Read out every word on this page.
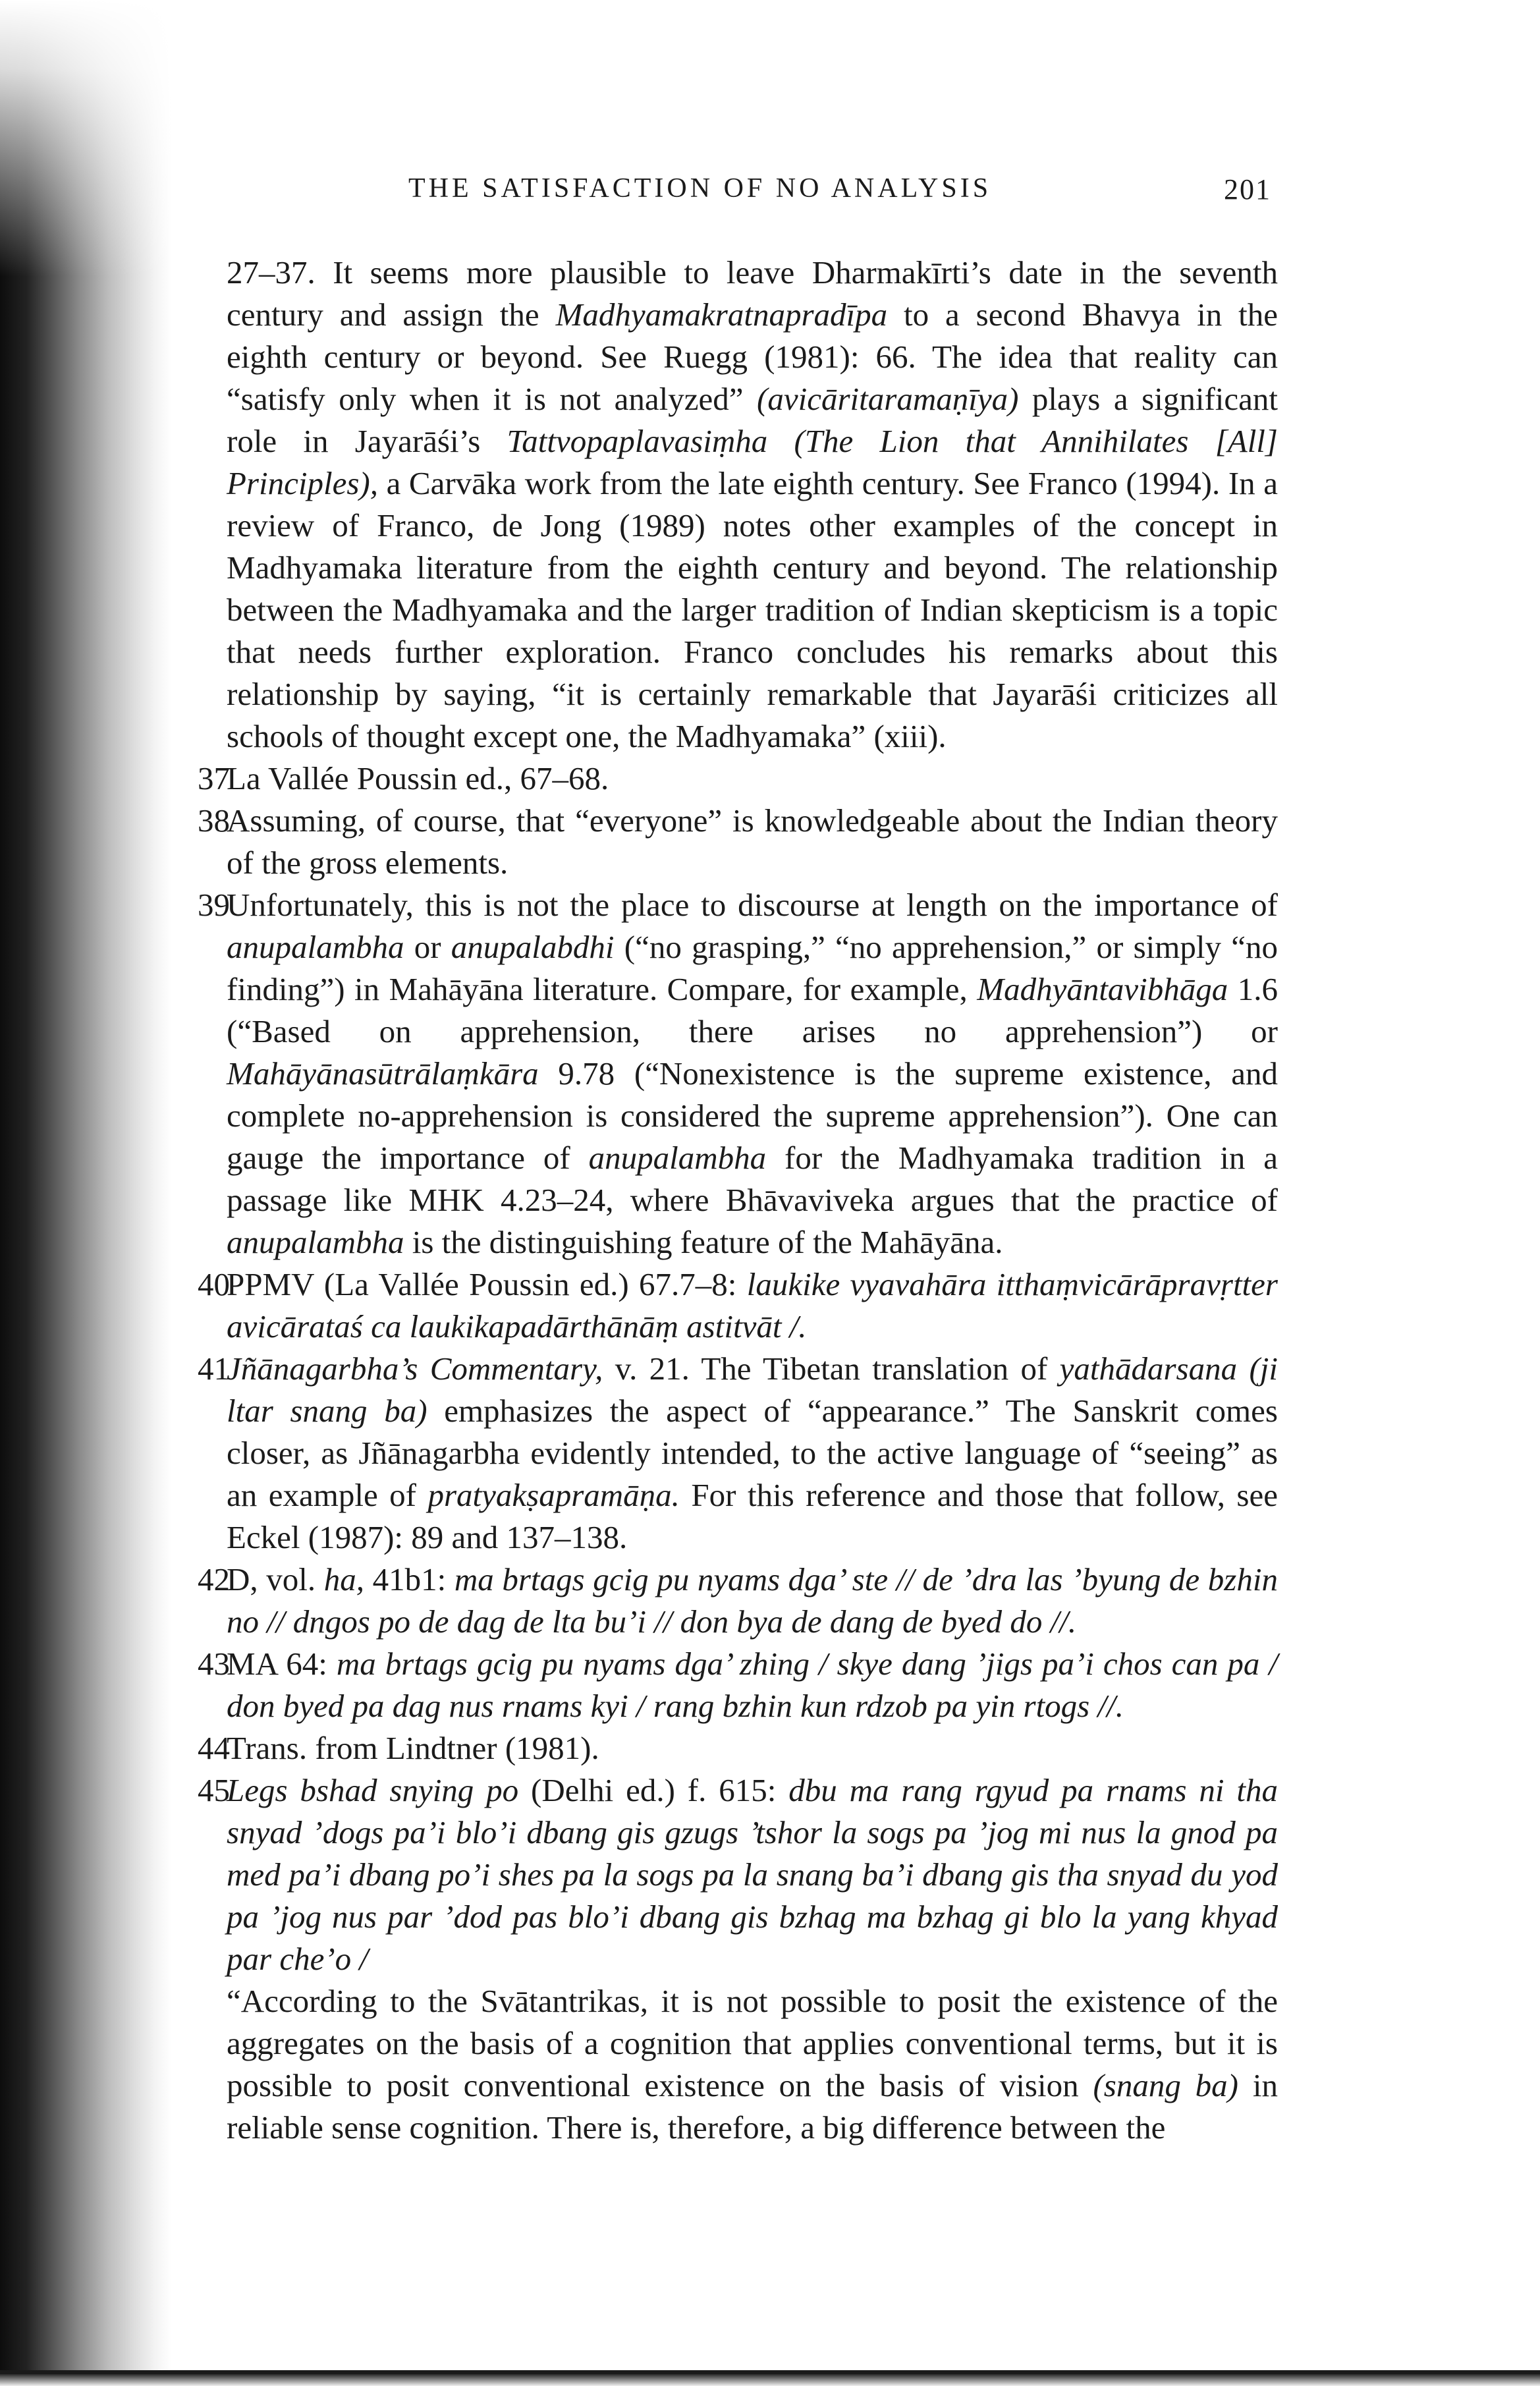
THE SATISFACTION OF NO ANALYSIS	201

27–37. It seems more plausible to leave Dharmakīrti’s date in the seventh century and assign the Madhyamakratnapradīpa to a second Bhavya in the eighth century or beyond. See Ruegg (1981): 66. The idea that reality can “satisfy only when it is not analyzed” (avicāritaramaṇīya) plays a significant role in Jayarāśi’s Tattvopaplavasiṃha (The Lion that Annihilates [All] Principles), a Carvāka work from the late eighth century. See Franco (1994). In a review of Franco, de Jong (1989) notes other examples of the concept in Madhyamaka literature from the eighth century and beyond. The relationship between the Madhyamaka and the larger tradition of Indian skepticism is a topic that needs further exploration. Franco concludes his remarks about this relationship by saying, “it is certainly remarkable that Jayarāśi criticizes all schools of thought except one, the Madhyamaka” (xiii).

37

La Vallée Poussin ed., 67–68.

38

Assuming, of course, that “everyone” is knowledgeable about the Indian theory of the gross elements.

39

Unfortunately, this is not the place to discourse at length on the importance of anupalambha or anupalabdhi (“no grasping,” “no apprehension,” or simply “no finding”) in Mahāyāna literature. Compare, for example, Madhyāntavibhāga 1.6 (“Based on apprehension, there arises no apprehension”) or Mahāyānasūtrālaṃkāra 9.78 (“Nonexistence is the supreme existence, and complete no-apprehension is considered the supreme apprehension”). One can gauge the importance of anupalambha for the Madhyamaka tradition in a passage like MHK 4.23–24, where Bhāvaviveka argues that the practice of anupalambha is the distinguishing feature of the Mahāyāna.

40

PPMV (La Vallée Poussin ed.) 67.7–8: laukike vyavahāra itthaṃvicārāpravṛtter avicārataś ca laukikapadārthānāṃ astitvāt /.

41

Jñānagarbha’s Commentary, v. 21. The Tibetan translation of yathādarsana (ji ltar snang ba) emphasizes the aspect of “appearance.” The Sanskrit comes closer, as Jñānagarbha evidently intended, to the active language of “seeing” as an example of pratyakṣapramāṇa. For this reference and those that follow, see Eckel (1987): 89 and 137–138.

42

D, vol. ha, 41b1: ma brtags gcig pu nyams dga’ ste // de ’dra las ’byung de bzhin no // dngos po de dag de lta bu’i // don bya de dang de byed do //.

43

MA 64: ma brtags gcig pu nyams dga’ zhing / skye dang ’jigs pa’i chos can pa / don byed pa dag nus rnams kyi / rang bzhin kun rdzob pa yin rtogs //.

44

Trans. from Lindtner (1981).

45

Legs bshad snying po (Delhi ed.) f. 615: dbu ma rang rgyud pa rnams ni tha snyad ’dogs pa’i blo’i dbang gis gzugs ’tshor la sogs pa ’jog mi nus la gnod pa med pa’i dbang po’i shes pa la sogs pa la snang ba’i dbang gis tha snyad du yod pa ’jog nus par ’dod pas blo’i dbang gis bzhag ma bzhag gi blo la yang khyad par che’o /

“According to the Svātantrikas, it is not possible to posit the existence of the aggregates on the basis of a cognition that applies conventional terms, but it is possible to posit conventional existence on the basis of vision (snang ba) in reliable sense cognition. There is, therefore, a big difference between the
